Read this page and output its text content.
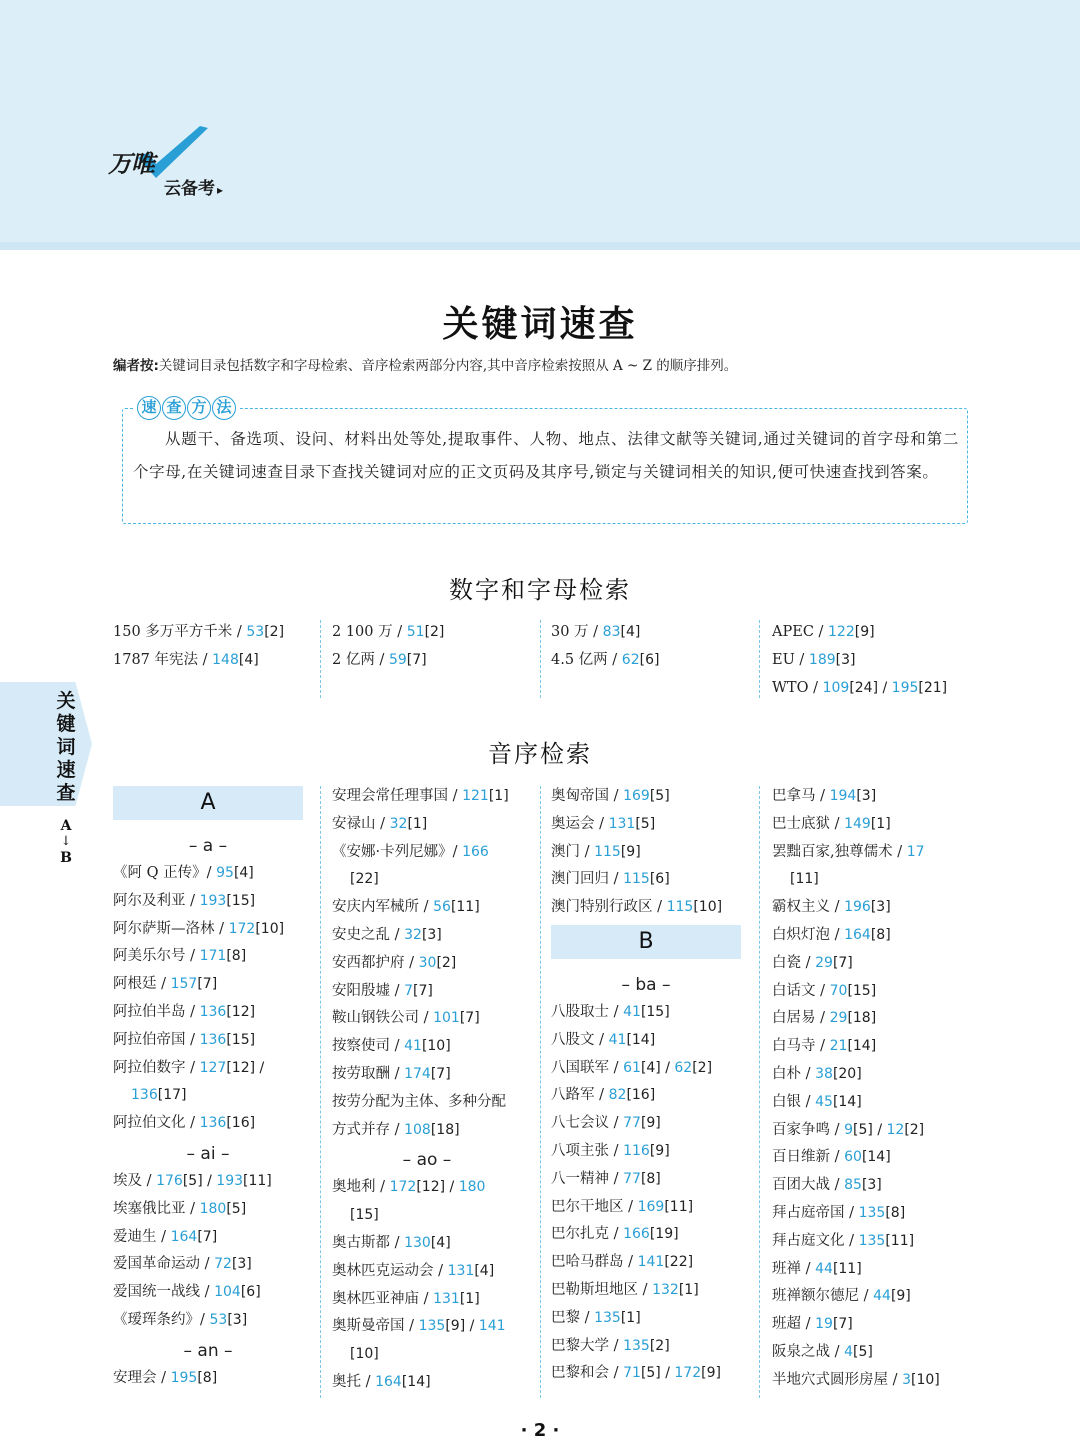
万唯
云备考 ▸
关键词速查
编者按:关键词目录包括数字和字母检索、音序检索两部分内容,其中音序检索按照从 A ~ Z 的顺序排列。
速 查 方 法
从题干、备选项、设问、材料出处等处,提取事件、人物、地点、法律文献等关键词,通过关键词的首字母和第二个字母,在关键词速查目录下查找关键词对应的正文页码及其序号,锁定与关键词相关的知识,便可快速查找到答案。
数字和字母检索
关
键
词
速
查
A
↓
B
150 多万平方千米 / 53[2]
1787 年宪法 / 148[4]
2 100 万 / 51[2]
2 亿两 / 59[7]
30 万 / 83[4]
4.5 亿两 / 62[6]
APEC / 122[9]
EU / 189[3]
WTO / 109[24] / 195[21]
音序检索
A
– a –
《阿 Q 正传》/ 95[4]
阿尔及利亚 / 193[15]
阿尔萨斯—洛林 / 172[10]
阿美乐尔号 / 171[8]
阿根廷 / 157[7]
阿拉伯半岛 / 136[12]
阿拉伯帝国 / 136[15]
阿拉伯数字 / 127[12] /
136[17]
阿拉伯文化 / 136[16]
– ai –
埃及 / 176[5] / 193[11]
埃塞俄比亚 / 180[5]
爱迪生 / 164[7]
爱国革命运动 / 72[3]
爱国统一战线 / 104[6]
《瑷珲条约》/ 53[3]
– an –
安理会 / 195[8]
安理会常任理事国 / 121[1]
安禄山 / 32[1]
《安娜·卡列尼娜》/ 166
[22]
安庆内军械所 / 56[11]
安史之乱 / 32[3]
安西都护府 / 30[2]
安阳殷墟 / 7[7]
鞍山钢铁公司 / 101[7]
按察使司 / 41[10]
按劳取酬 / 174[7]
按劳分配为主体、多种分配
方式并存 / 108[18]
– ao –
奥地利 / 172[12] / 180
[15]
奥古斯都 / 130[4]
奥林匹克运动会 / 131[4]
奥林匹亚神庙 / 131[1]
奥斯曼帝国 / 135[9] / 141
[10]
奥托 / 164[14]
奥匈帝国 / 169[5]
奥运会 / 131[5]
澳门 / 115[9]
澳门回归 / 115[6]
澳门特别行政区 / 115[10]
B
– ba –
八股取士 / 41[15]
八股文 / 41[14]
八国联军 / 61[4] / 62[2]
八路军 / 82[16]
八七会议 / 77[9]
八项主张 / 116[9]
八一精神 / 77[8]
巴尔干地区 / 169[11]
巴尔扎克 / 166[19]
巴哈马群岛 / 141[22]
巴勒斯坦地区 / 132[1]
巴黎 / 135[1]
巴黎大学 / 135[2]
巴黎和会 / 71[5] / 172[9]
巴拿马 / 194[3]
巴士底狱 / 149[1]
罢黜百家,独尊儒术 / 17
[11]
霸权主义 / 196[3]
白炽灯泡 / 164[8]
白瓷 / 29[7]
白话文 / 70[15]
白居易 / 29[18]
白马寺 / 21[14]
白朴 / 38[20]
白银 / 45[14]
百家争鸣 / 9[5] / 12[2]
百日维新 / 60[14]
百团大战 / 85[3]
拜占庭帝国 / 135[8]
拜占庭文化 / 135[11]
班禅 / 44[11]
班禅额尔德尼 / 44[9]
班超 / 19[7]
阪泉之战 / 4[5]
半地穴式圆形房屋 / 3[10]
· 2 ·
